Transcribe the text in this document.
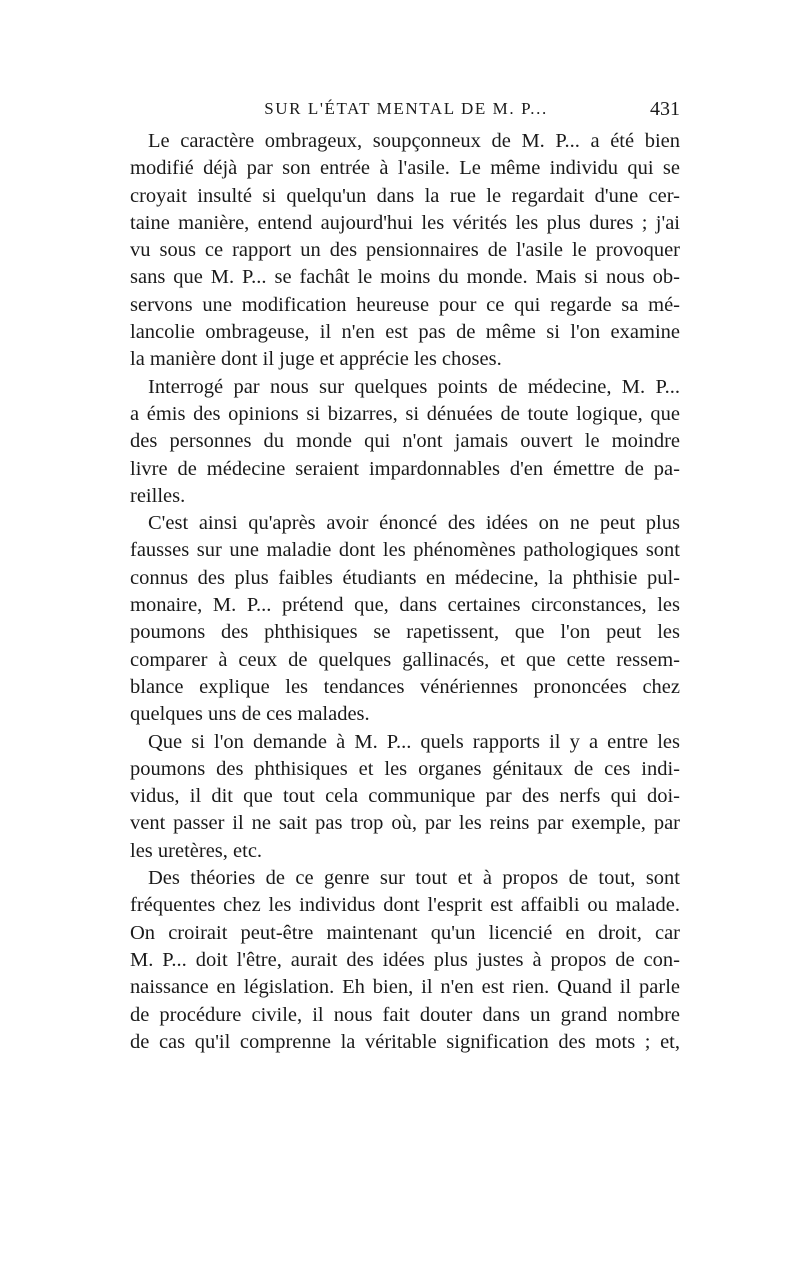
SUR L'ÉTAT MENTAL DE M. P...	431
Le caractère ombrageux, soupçonneux de M. P... a été bien
modifié déjà par son entrée à l'asile. Le même individu qui se
croyait insulté si quelqu'un dans la rue le regardait d'une cer-
taine manière, entend aujourd'hui les vérités les plus dures ; j'ai
vu sous ce rapport un des pensionnaires de l'asile le provoquer
sans que M. P... se fachât le moins du monde. Mais si nous ob-
servons une modification heureuse pour ce qui regarde sa mé-
lancolie ombrageuse, il n'en est pas de même si l'on examine
la manière dont il juge et apprécie les choses.
Interrogé par nous sur quelques points de médecine, M. P...
a émis des opinions si bizarres, si dénuées de toute logique, que
des personnes du monde qui n'ont jamais ouvert le moindre
livre de médecine seraient impardonnables d'en émettre de pa-
reilles.
C'est ainsi qu'après avoir énoncé des idées on ne peut plus
fausses sur une maladie dont les phénomènes pathologiques sont
connus des plus faibles étudiants en médecine, la phthisie pul-
monaire, M. P... prétend que, dans certaines circonstances, les
poumons des phthisiques se rapetissent, que l'on peut les
comparer à ceux de quelques gallinacés, et que cette ressem-
blance explique les tendances vénériennes prononcées chez
quelques uns de ces malades.
Que si l'on demande à M. P... quels rapports il y a entre les
poumons des phthisiques et les organes génitaux de ces indi-
vidus, il dit que tout cela communique par des nerfs qui doi-
vent passer il ne sait pas trop où, par les reins par exemple, par
les uretères, etc.
Des théories de ce genre sur tout et à propos de tout, sont
fréquentes chez les individus dont l'esprit est affaibli ou malade.
On croirait peut-être maintenant qu'un licencié en droit, car
M. P... doit l'être, aurait des idées plus justes à propos de con-
naissance en législation. Eh bien, il n'en est rien. Quand il parle
de procédure civile, il nous fait douter dans un grand nombre
de cas qu'il comprenne la véritable signification des mots ; et,
